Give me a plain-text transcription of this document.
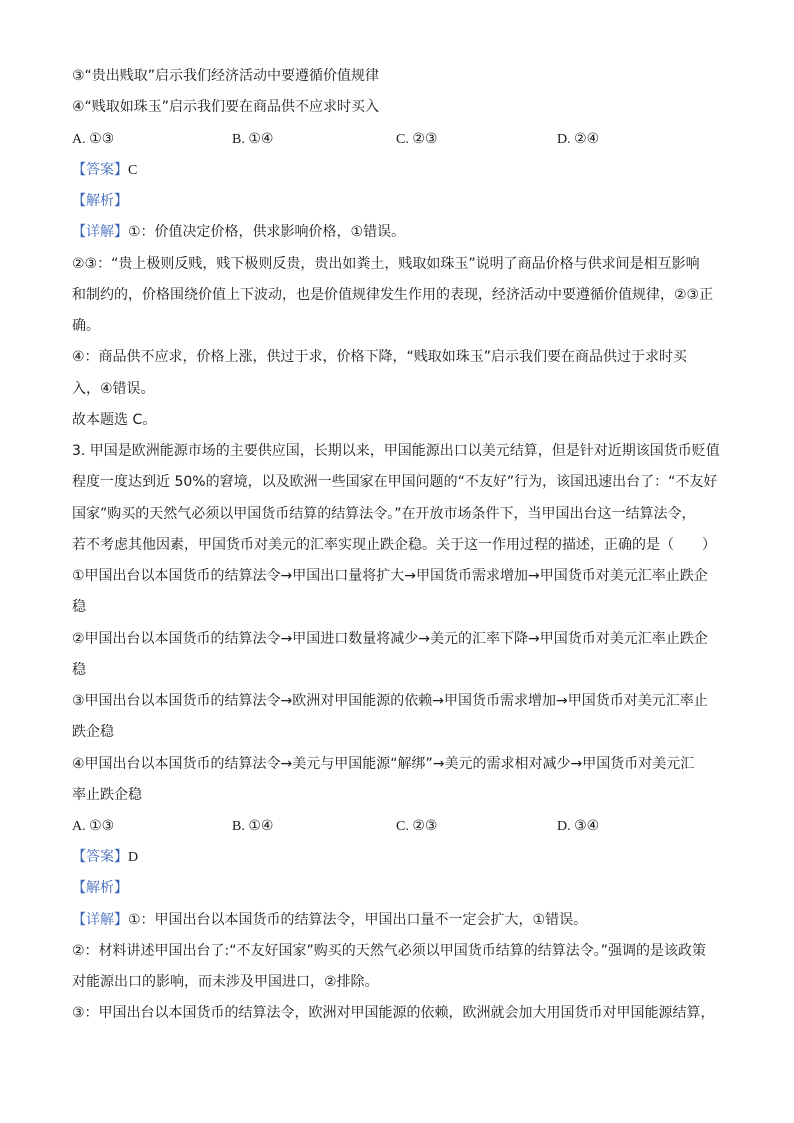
③“贵出贱取”启示我们经济活动中要遵循价值规律
④“贱取如珠玉”启示我们要在商品供不应求时买入
A. ①③	B. ①④	C. ②③	D. ②④
【答案】C
【解析】
【详解】①：价值决定价格，供求影响价格，①错误。
②③：“贵上极则反贱，贱下极则反贵，贵出如粪土，贱取如珠玉”说明了商品价格与供求间是相互影响
和制约的，价格围绕价值上下波动，也是价值规律发生作用的表现，经济活动中要遵循价值规律，②③正
确。
④：商品供不应求，价格上涨，供过于求，价格下降，“贱取如珠玉”启示我们要在商品供过于求时买
入，④错误。
故本题选 C。
3. 甲国是欧洲能源市场的主要供应国，长期以来，甲国能源出口以美元结算，但是针对近期该国货币贬值
程度一度达到近 50%的窘境，以及欧洲一些国家在甲国问题的“不友好”行为，该国迅速出台了：“不友好
国家”购买的天然气必须以甲国货币结算的结算法令。”在开放市场条件下，当甲国出台这一结算法令，
若不考虑其他因素，甲国货币对美元的汇率实现止跌企稳。关于这一作用过程的描述，正确的是（　　）
①甲国出台以本国货币的结算法令→甲国出口量将扩大→甲国货币需求增加→甲国货币对美元汇率止跌企
稳
②甲国出台以本国货币的结算法令→甲国进口数量将减少→美元的汇率下降→甲国货币对美元汇率止跌企
稳
③甲国出台以本国货币的结算法令→欧洲对甲国能源的依赖→甲国货币需求增加→甲国货币对美元汇率止
跌企稳
④甲国出台以本国货币的结算法令→美元与甲国能源“解绑”→美元的需求相对减少→甲国货币对美元汇
率止跌企稳
A. ①③	B. ①④	C. ②③	D. ③④
【答案】D
【解析】
【详解】①：甲国出台以本国货币的结算法令，甲国出口量不一定会扩大，①错误。
②：材料讲述甲国出台了:“不友好国家”购买的天然气必须以甲国货币结算的结算法令。”强调的是该政策
对能源出口的影响，而未涉及甲国进口，②排除。
③：甲国出台以本国货币的结算法令，欧洲对甲国能源的依赖，欧洲就会加大用国货币对甲国能源结算，
